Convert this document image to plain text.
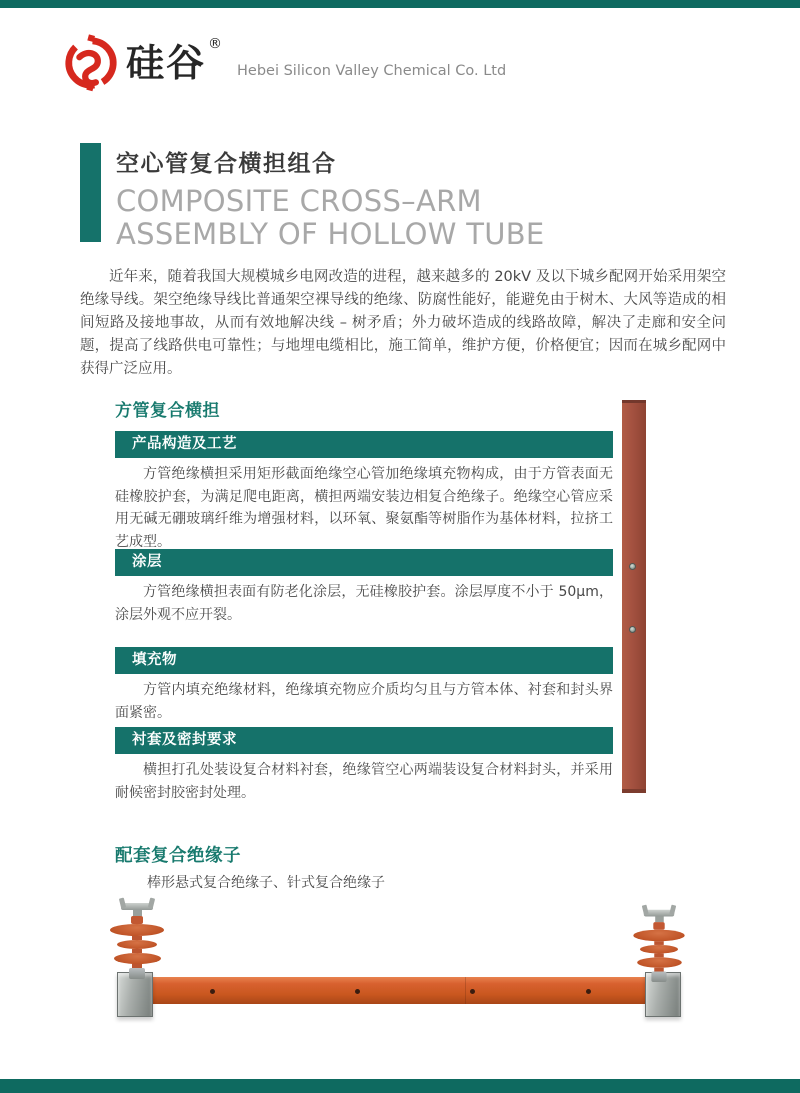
硅谷 ®
Hebei Silicon Valley Chemical Co. Ltd
空心管复合横担组合
COMPOSITE CROSS–ARM
ASSEMBLY OF HOLLOW TUBE

近年来，随着我国大规模城乡电网改造的进程，越来越多的 20kV 及以下城乡配网开始采用架空绝缘导线。架空绝缘导线比普通架空裸导线的绝缘、防腐性能好，能避免由于树木、大风等造成的相间短路及接地事故，从而有效地解决线 – 树矛盾；外力破坏造成的线路故障，解决了走廊和安全问题，提高了线路供电可靠性；与地埋电缆相比，施工简单，维护方便，价格便宜；因而在城乡配网中获得广泛应用。

方管复合横担
产品构造及工艺

方管绝缘横担采用矩形截面绝缘空心管加绝缘填充物构成，由于方管表面无硅橡胶护套，为满足爬电距离，横担两端安装边相复合绝缘子。绝缘空心管应采用无碱无硼玻璃纤维为增强材料，以环氧、聚氨酯等树脂作为基体材料，拉挤工艺成型。

涂层

方管绝缘横担表面有防老化涂层，无硅橡胶护套。涂层厚度不小于 50μm，涂层外观不应开裂。

填充物

方管内填充绝缘材料，绝缘填充物应介质均匀且与方管本体、衬套和封头界面紧密。

衬套及密封要求

横担打孔处装设复合材料衬套，绝缘管空心两端装设复合材料封头，并采用耐候密封胶密封处理。

配套复合绝缘子

棒形悬式复合绝缘子、针式复合绝缘子
